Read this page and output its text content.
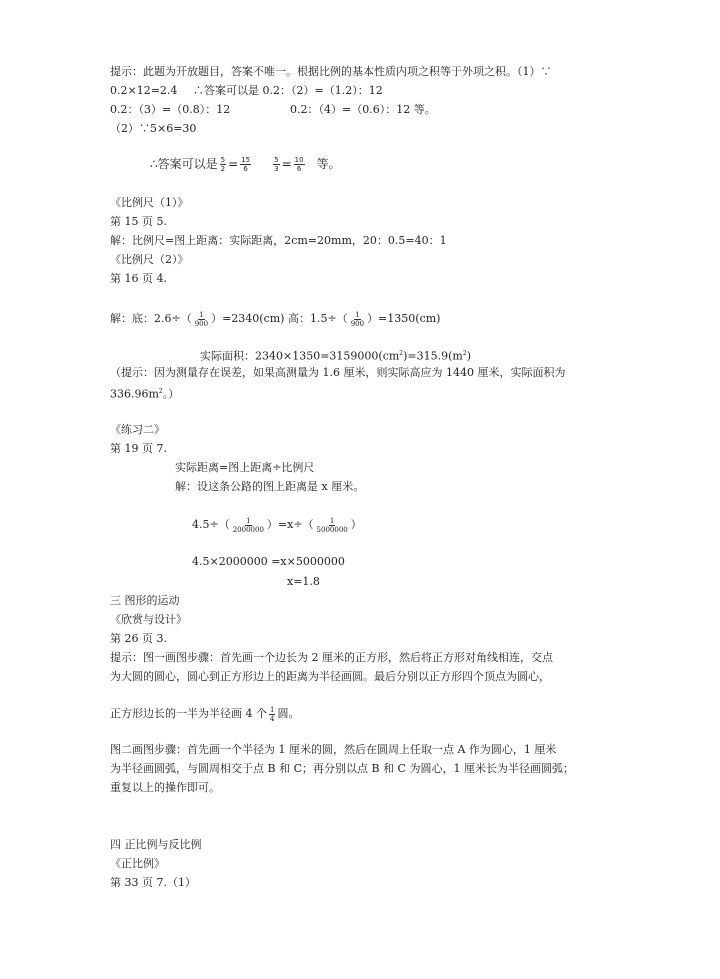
提示：此题为开放题目，答案不唯一。根据比例的基本性质内项之积等于外项之积。（1）∵
0.2×12=2.4 ∴答案可以是 0.2：（2）=（1.2）：12
0.2：（3）=（0.8）：12	0.2：（4）=（0.6）：12 等。
（2）∵5×6=30
∴答案可以是 $\frac{5}{2} = \frac{15}{6}$	$\frac{5}{3} = \frac{10}{6}$ 等。
《比例尺（1）》
第 15 页 5.
解：比例尺=图上距离：实际距离，2cm=20mm，20：0.5=40：1
《比例尺（2）》
第 16 页 4.
解：底：$2.6\div( \frac{1}{900} )=2340(cm)$ 高：$1.5\div( \frac{1}{900} )=1350(cm)$
实际面积：$2340\times 1350=3159000(cm^2)=315.9(m^2)$
（提示：因为测量存在误差，如果高测量为 1.6 厘米，则实际高应为 1440 厘米，实际面积为
$336.96m^2$。）
《练习二》
第 19 页 7.
实际距离=图上距离÷比例尺
解：设这条公路的图上距离是 x 厘米。
$4.5\div( \frac{1}{2000000} )=x\div( \frac{1}{5000000}$ ）
4.5×2000000 =x×5000000
x=1.8
三 图形的运动
《欣赏与设计》
第 26 页 3.
提示：图一画图步骤：首先画一个边长为 2 厘米的正方形，然后将正方形对角线相连，交点
为大圆的圆心，圆心到正方形边上的距离为半径画圆。最后分别以正方形四个顶点为圆心，
正方形边长的一半为半径画 4 个 $\frac{1}{4}$ 圆。
图二画图步骤：首先画一个半径为 1 厘米的圆，然后在圆周上任取一点 A 作为圆心，1 厘米
为半径画圆弧，与圆周相交于点 B 和 C；再分别以点 B 和 C 为圆心，1 厘米长为半径画圆弧；
重复以上的操作即可。
四 正比例与反比例
《正比例》
第 33 页 7.（1）
